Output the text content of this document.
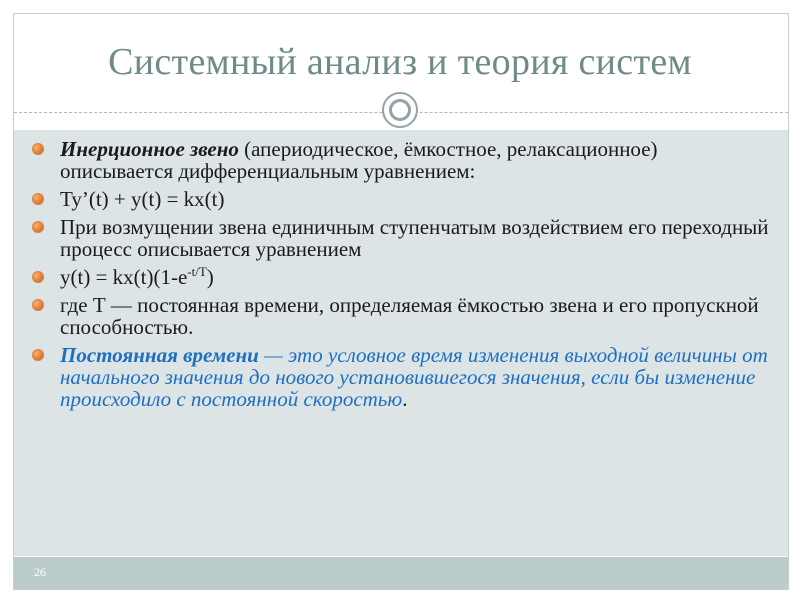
Системный анализ и теория систем
26
Инерционное звено (апериодическое, ёмкостное, релаксационное) описывается дифференциальным уравнением:
Ty’(t) + y(t) = kx(t)
При возмущении звена единичным ступенчатым воздействием его переходный процесс описывается уравнением
$y(t) = kx(t)(1-e^{-t/T})$
где Т — постоянная времени, определяемая ёмкостью звена и его пропускной способностью.
Постоянная времени — это условное время изменения выходной величины от начального значения до нового установившегося значения, если бы изменение происходило с постоянной скоростью.
